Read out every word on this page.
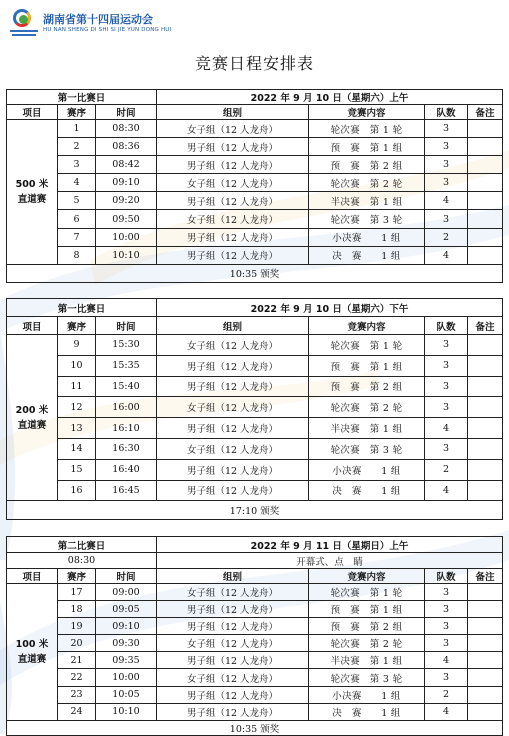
湖南省第十四届运动会
HU NAN SHENG DI SHI SI JIE YUN DONG HUI
竞赛日程安排表
第一比赛日			2022 年 9 月 10 日（星期六）上午			
项目	赛序	时间	组别	竞赛内容	队数	备注

500 米
直道赛	1	08:30	女子组（12 人龙舟）	轮次赛　第 1 轮	3	
	2	08:36	男子组（12 人龙舟）	预　赛　第 1 组	3	
	3	08:42	男子组（12 人龙舟）	预　赛　第 2 组	3	
	4	09:10	女子组（12 人龙舟）	轮次赛　第 2 轮	3	
	5	09:20	男子组（12 人龙舟）	半决赛　第 1 组	4	
	6	09:50	女子组（12 人龙舟）	轮次赛　第 3 轮	3	
	7	10:00	男子组（12 人龙舟）	小决赛　　1 组	2	
	8	10:10	男子组（12 人龙舟）	决　赛　　1 组	4	
10:35 颁奖						
第一比赛日			2022 年 9 月 10 日（星期六）下午			
项目	赛序	时间	组别	竞赛内容	队数	备注

200 米
直道赛	9	15:30	女子组（12 人龙舟）	轮次赛　第 1 轮	3	
	10	15:35	男子组（12 人龙舟）	预　赛　第 1 组	3	
	11	15:40	男子组（12 人龙舟）	预　赛　第 2 组	3	
	12	16:00	女子组（12 人龙舟）	轮次赛　第 2 轮	3	
	13	16:10	男子组（12 人龙舟）	半决赛　第 1 组	4	
	14	16:30	女子组（12 人龙舟）	轮次赛　第 3 轮	3	
	15	16:40	男子组（12 人龙舟）	小决赛　　1 组	2	
	16	16:45	男子组（12 人龙舟）	决　赛　　1 组	4	
17:10 颁奖						
第二比赛日			2022 年 9 月 11 日（星期日）上午			
08:30			开幕式、点　睛			
项目	赛序	时间	组别	竞赛内容	队数	备注

100 米
直道赛	17	09:00	女子组（12 人龙舟）	轮次赛　第 1 轮	3	
	18	09:05	男子组（12 人龙舟）	预　赛　第 1 组	3	
	19	09:10	男子组（12 人龙舟）	预　赛　第 2 组	3	
	20	09:30	女子组（12 人龙舟）	轮次赛　第 2 轮	3	
	21	09:35	男子组（12 人龙舟）	半决赛　第 1 组	4	
	22	10:00	女子组（12 人龙舟）	轮次赛　第 3 轮	3	
	23	10:05	男子组（12 人龙舟）	小决赛　　1 组	2	
	24	10:10	男子组（12 人龙舟）	决　赛　　1 组	4	
10:35 颁奖						
